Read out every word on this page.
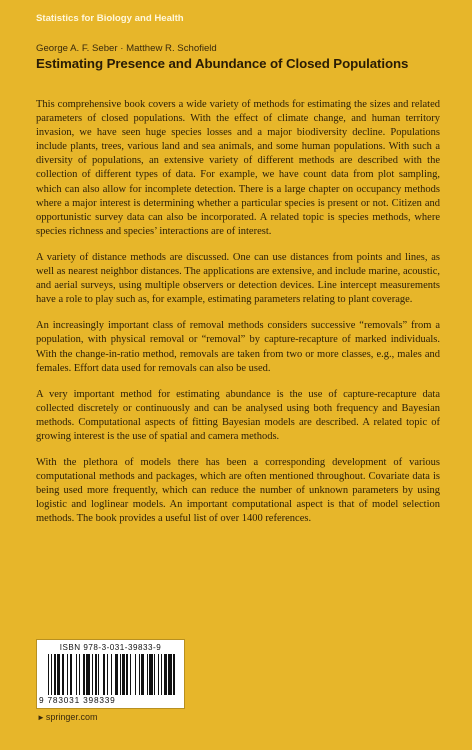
Statistics for Biology and Health
George A. F. Seber · Matthew R. Schofield
Estimating Presence and Abundance of Closed Populations

This comprehensive book covers a wide variety of methods for estimating the sizes and related parameters of closed populations. With the effect of climate change, and human territory invasion, we have seen huge species losses and a major biodiversity decline. Populations include plants, trees, various land and sea animals, and some human populations. With such a diversity of populations, an extensive variety of different methods are described with the collection of different types of data. For example, we have count data from plot sampling, which can also allow for incomplete detection. There is a large chapter on occupancy methods where a major interest is determining whether a particular species is present or not. Citizen and opportunistic survey data can also be incorporated. A related topic is species methods, where species richness and species’ interactions are of interest.

A variety of distance methods are discussed. One can use distances from points and lines, as well as nearest neighbor distances. The applications are extensive, and include marine, acoustic, and aerial surveys, using multiple observers or detection devices. Line intercept measurements have a role to play such as, for example, estimating parameters relating to plant coverage.

An increasingly important class of removal methods considers successive “removals” from a population, with physical removal or “removal” by capture-recapture of marked individuals. With the change-in-ratio method, removals are taken from two or more classes, e.g., males and females. Effort data used for removals can also be used.

A very important method for estimating abundance is the use of capture-recapture data collected discretely or continuously and can be analysed using both frequency and Bayesian methods. Computational aspects of fitting Bayesian models are described. A related topic of growing interest is the use of spatial and camera methods.

With the plethora of models there has been a corresponding development of various computational methods and packages, which are often mentioned throughout. Covariate data is being used more frequently, which can reduce the number of unknown parameters by using logistic and loglinear models. An important computational aspect is that of model selection methods. The book provides a useful list of over 1400 references.

ISBN 978-3-031-39833-9
9 783031 398339
►springer.com
